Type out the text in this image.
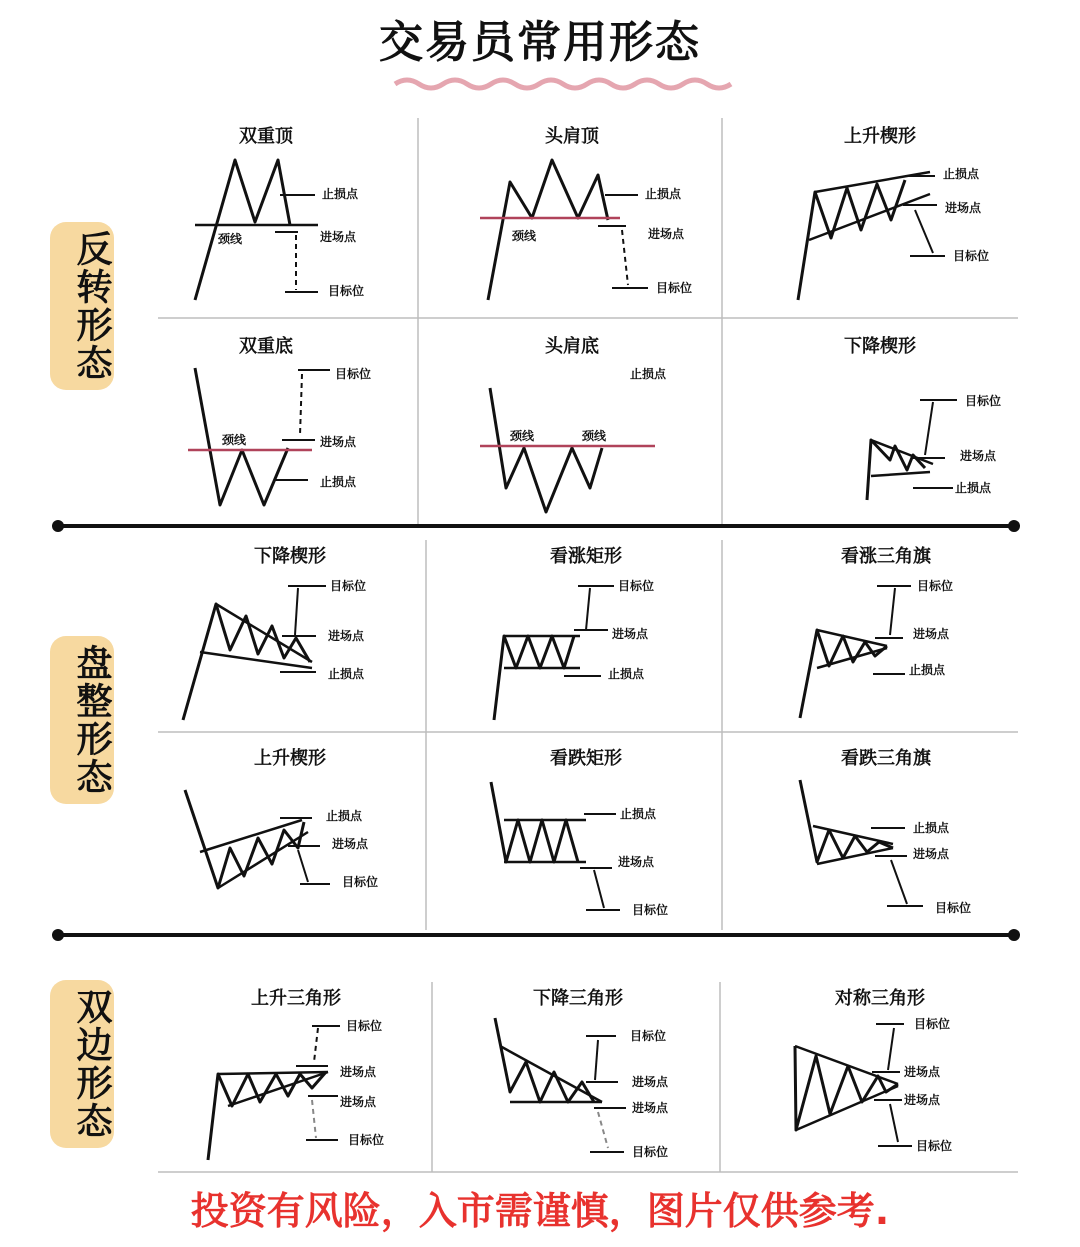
交易员常用形态
反转形态
盘整形态
双边形态
止损点
颈线	进场点
目标位
双重顶
止损点
颈线	进场点
目标位
头肩顶
止损点
进场点
目标位
上升楔形
目标位
颈线	进场点
止损点
双重底
止损点
颈线	颈线
头肩底
目标位
进场点
止损点
下降楔形
目标位
进场点
止损点
下降楔形
目标位
进场点
止损点
看涨矩形
目标位
进场点
止损点
看涨三角旗
止损点
进场点
目标位
上升楔形
止损点
进场点
目标位
看跌矩形
止损点
进场点
目标位
看跌三角旗
目标位
进场点
进场点
目标位
上升三角形
目标位
进场点
进场点
目标位
下降三角形
目标位
进场点
进场点
目标位
对称三角形
投资有风险，入市需谨慎，图片仅供参考.
